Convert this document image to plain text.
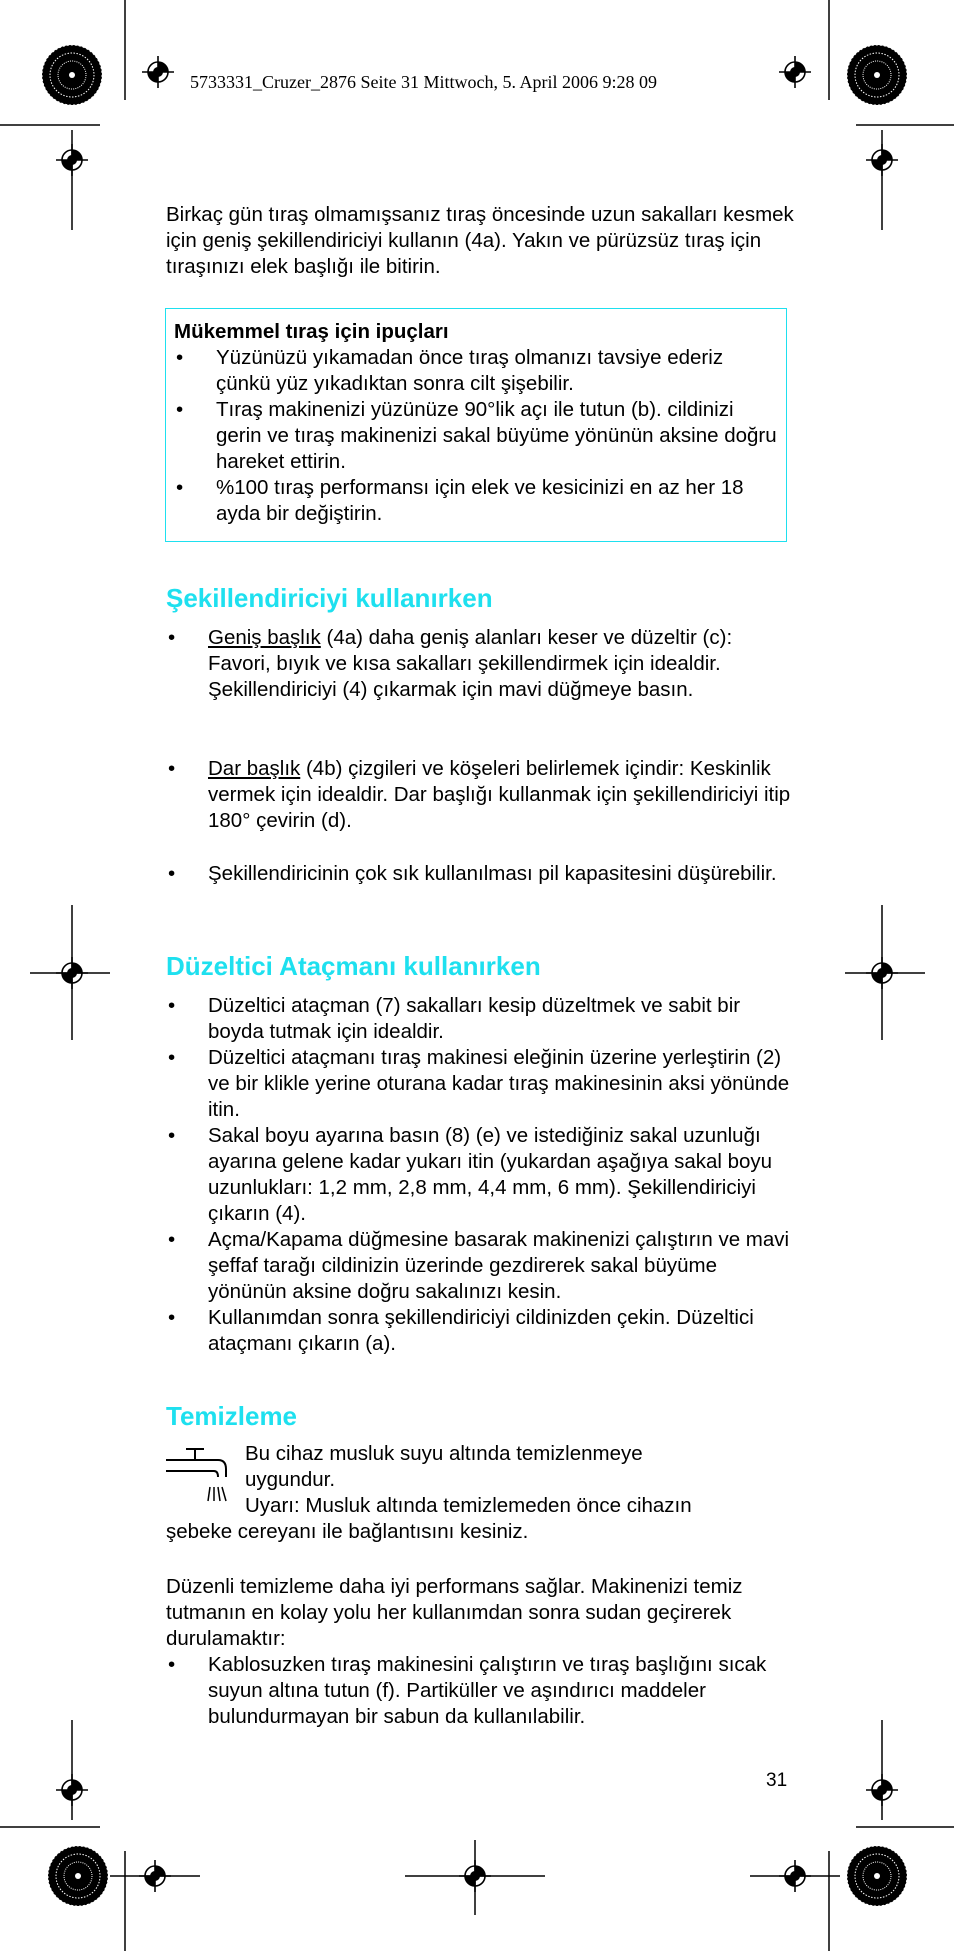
5733331_Cruzer_2876 Seite 31 Mittwoch, 5. April 2006 9:28 09

Birkaç gün tıraş olmamışsanız tıraş öncesinde uzun sakalları kesmek için geniş şekillendiriciyi kullanın (4a). Yakın ve pürüzsüz tıraş için tıraşınızı elek başlığı ile bitirin.

Mükemmel tıraş için ipuçları
• Yüzünüzü yıkamadan önce tıraş olmanızı tavsiye ederiz çünkü yüz yıkadıktan sonra cilt şişebilir.
• Tıraş makinenizi yüzünüze 90°lik açı ile tutun (b). cildinizi gerin ve tıraş makinenizi sakal büyüme yönünün aksine doğru hareket ettirin.
• %100 tıraş performansı için elek ve kesicinizi en az her 18 ayda bir değiştirin.
Şekillendiriciyi kullanırken
• Geniş başlık (4a) daha geniş alanları keser ve düzeltir (c): Favori, bıyık ve kısa sakalları şekillendirmek için idealdir. Şekillendiriciyi (4) çıkarmak için mavi düğmeye basın.
• Dar başlık (4b) çizgileri ve köşeleri belirlemek içindir: Keskinlik vermek için idealdir. Dar başlığı kullanmak için şekillendiriciyi itip 180° çevirin (d).
• Şekillendiricinin çok sık kullanılması pil kapasitesini düşürebilir.
Düzeltici Ataçmanı kullanırken
• Düzeltici ataçman (7) sakalları kesip düzeltmek ve sabit bir boyda tutmak için idealdir.
• Düzeltici ataçmanı tıraş makinesi eleğinin üzerine yerleştirin (2) ve bir klikle yerine oturana kadar tıraş makinesinin aksi yönünde itin.
• Sakal boyu ayarına basın (8) (e) ve istediğiniz sakal uzunluğı ayarına gelene kadar yukarı itin (yukardan aşağıya sakal boyu uzunlukları: 1,2 mm, 2,8 mm, 4,4 mm, 6 mm). Şekillendiriciyi çıkarın (4).
• Açma/Kapama düğmesine basarak makinenizi çalıştırın ve mavi şeffaf tarağı cildinizin üzerinde gezdirerek sakal büyüme yönünün aksine doğru sakalınızı kesin.
• Kullanımdan sonra şekillendiriciyi cildinizden çekin. Düzeltici ataçmanı çıkarın (a).
Temizleme
Bu cihaz musluk suyu altında temizlenmeye
uygundur.
Uyarı: Musluk altında temizlemeden önce cihazın
şebeke cereyanı ile bağlantısını kesiniz.

Düzenli temizleme daha iyi performans sağlar. Makinenizi temiz tutmanın en kolay yolu her kullanımdan sonra sudan geçirerek durulamaktır:

• Kablosuzken tıraş makinesini çalıştırın ve tıraş başlığını sıcak suyun altına tutun (f). Partiküller ve aşındırıcı maddeler bulundurmayan bir sabun da kullanılabilir.
31
